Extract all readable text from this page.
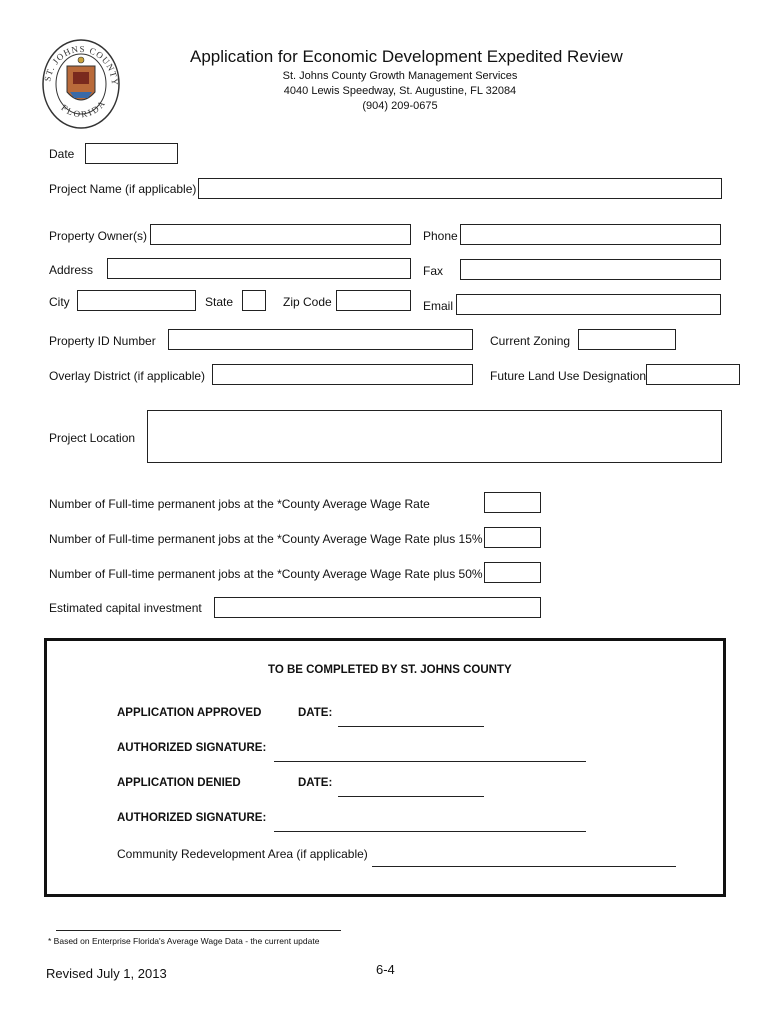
ST. JOHNS COUNTY
FLORIDA
Application for Economic Development Expedited Review
St. Johns County Growth Management Services
4040 Lewis Speedway, St. Augustine, FL 32084
(904) 209-0675
Date
Project Name (if applicable)
Property Owner(s)	Phone
Address	Fax
City	State	Zip Code	Email
Property ID Number	Current Zoning
Overlay District (if applicable)	Future Land Use Designation
Project Location
Number of Full-time permanent jobs at the *County Average Wage Rate
Number of Full-time permanent jobs at the *County Average Wage Rate plus 15%
Number of Full-time permanent jobs at the *County Average Wage Rate plus 50%
Estimated capital investment
TO BE COMPLETED BY ST. JOHNS COUNTY
APPLICATION APPROVED	DATE:
AUTHORIZED SIGNATURE:
APPLICATION DENIED	DATE:
AUTHORIZED SIGNATURE:
Community Redevelopment Area (if applicable)
* Based on Enterprise Florida's Average Wage Data - the current update
Revised July 1, 2013	6-4
